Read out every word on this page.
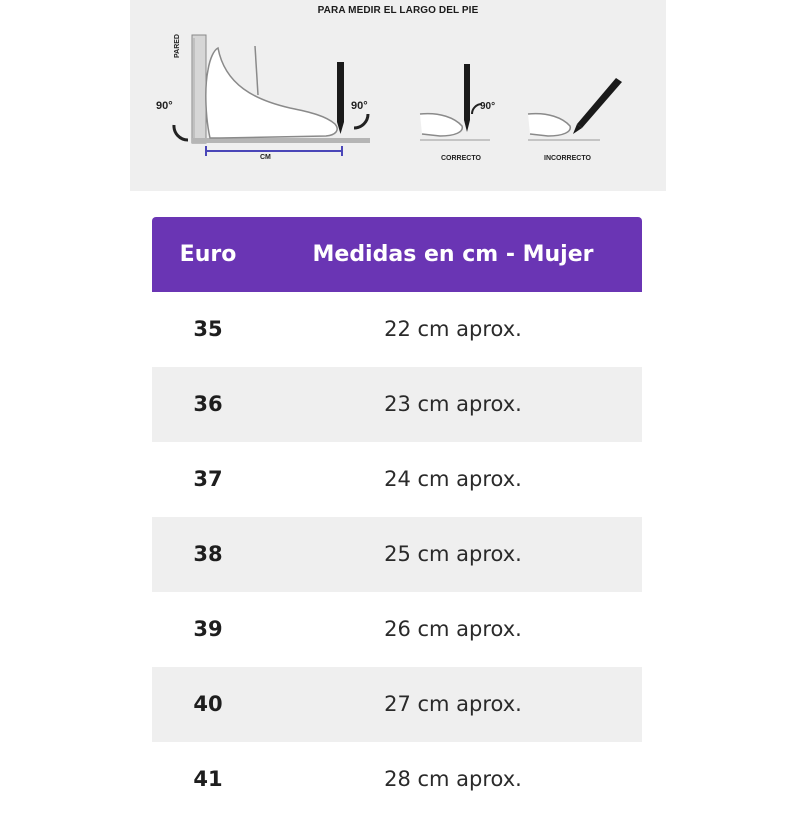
PARA MEDIR EL LARGO DEL PIE
PARED
90°	90°	90°
CM	CORRECTO	INCORRECTO
Euro	Medidas en cm - Mujer
35	22 cm aprox.
36	23 cm aprox.
37	24 cm aprox.
38	25 cm aprox.
39	26 cm aprox.
40	27 cm aprox.
41	28 cm aprox.
